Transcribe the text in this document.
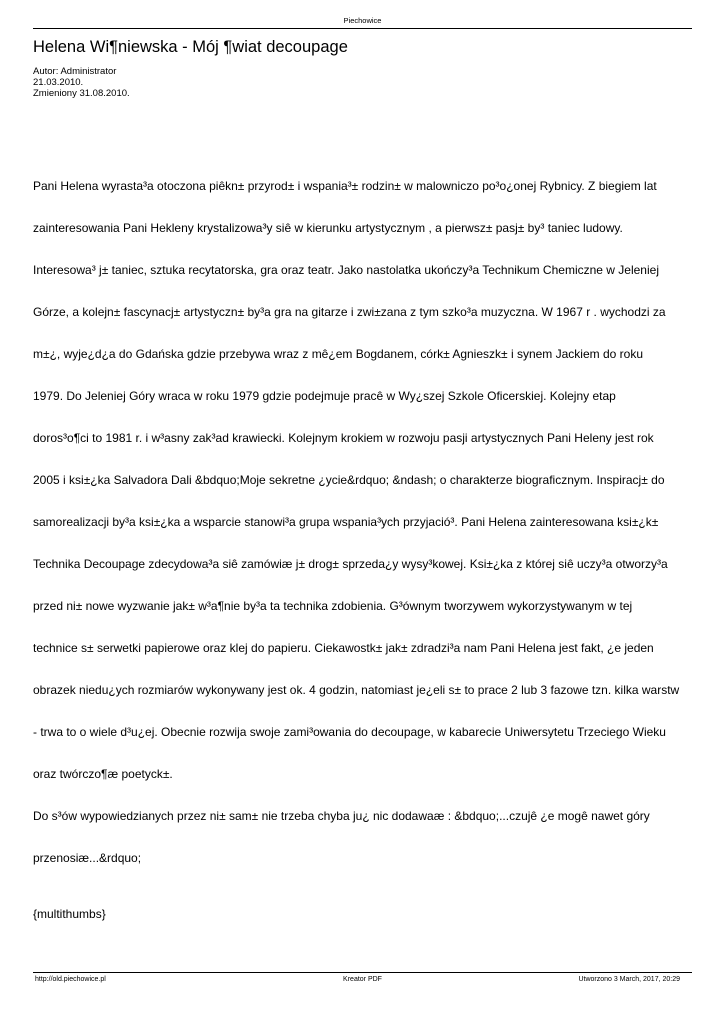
Piechowice
Helena Wi¶niewska - Mój ¶wiat decoupage
Autor: Administrator
21.03.2010.
Zmieniony 31.08.2010.

Pani Helena wyrasta³a otoczona piêkn± przyrod± i wspania³± rodzin± w malowniczo po³o¿onej Rybnicy. Z biegiem lat

zainteresowania Pani Hekleny krystalizowa³y siê w kierunku artystycznym , a pierwsz± pasj± by³ taniec ludowy.

Interesowa³ j± taniec, sztuka recytatorska, gra oraz teatr. Jako nastolatka ukończy³a Technikum Chemiczne w Jeleniej

Górze, a kolejn± fascynacj± artystyczn± by³a gra na gitarze i zwi±zana z tym szko³a muzyczna. W 1967 r . wychodzi za

m±¿, wyje¿d¿a do Gdańska gdzie przebywa wraz z mê¿em Bogdanem, córk± Agnieszk± i synem Jackiem do roku

1979. Do Jeleniej Góry wraca w roku 1979 gdzie podejmuje pracê w Wy¿szej Szkole Oficerskiej. Kolejny etap

doros³o¶ci to 1981 r. i w³asny zak³ad krawiecki. Kolejnym krokiem w rozwoju pasji artystycznych Pani Heleny jest rok

2005 i ksi±¿ka Salvadora Dali &bdquo;Moje sekretne ¿ycie&rdquo; &ndash; o charakterze biograficznym. Inspiracj± do

samorealizacji by³a ksi±¿ka a wsparcie stanowi³a grupa wspania³ych przyjació³. Pani Helena zainteresowana ksi±¿k±

Technika Decoupage zdecydowa³a siê zamówiæ j± drog± sprzeda¿y wysy³kowej. Ksi±¿ka z której siê uczy³a otworzy³a

przed ni± nowe wyzwanie jak± w³a¶nie by³a ta technika zdobienia. G³ównym tworzywem wykorzystywanym w tej

technice s± serwetki papierowe oraz klej do papieru. Ciekawostk± jak± zdradzi³a nam Pani Helena jest fakt, ¿e jeden

obrazek niedu¿ych rozmiarów wykonywany jest ok. 4 godzin, natomiast je¿eli s± to prace 2 lub 3 fazowe tzn. kilka warstw

- trwa to o wiele d³u¿ej. Obecnie rozwija swoje zami³owania do decoupage, w kabarecie Uniwersytetu Trzeciego Wieku

oraz twórczo¶æ poetyck±.

Do s³ów wypowiedzianych przez ni± sam± nie trzeba chyba ju¿ nic dodawaæ : &bdquo;...czujê ¿e mogê nawet góry

przenosiæ...&rdquo;

{multithumbs}

http://old.piechowice.pl	Kreator PDF	Utworzono 3 March, 2017, 20:29
